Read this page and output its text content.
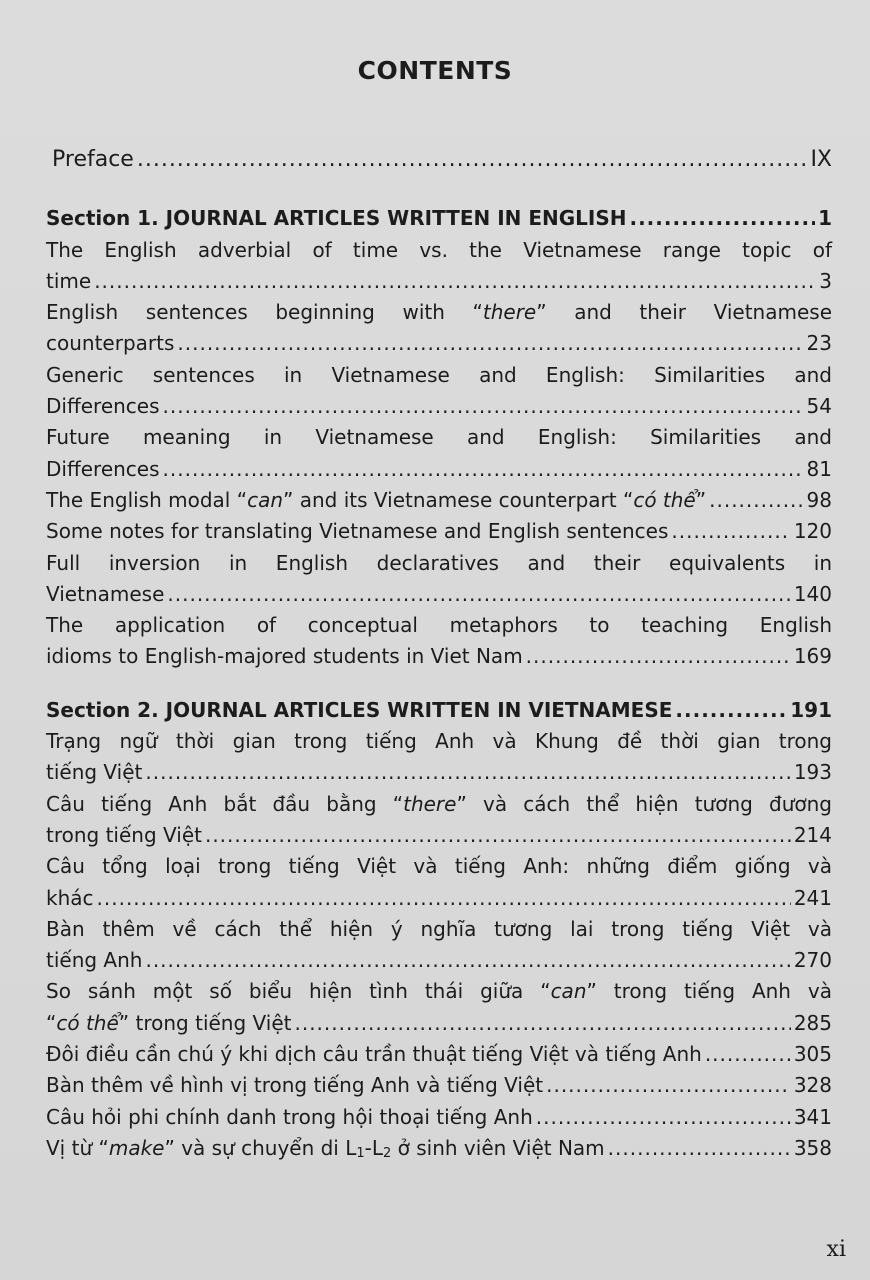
CONTENTS
Preface .....	IX
Section 1. JOURNAL ARTICLES WRITTEN IN ENGLISH .....	1
The English adverbial of time vs. the Vietnamese range topic of
time .....	3
English sentences beginning with “there” and their Vietnamese
counterparts .....	23
Generic sentences in Vietnamese and English: Similarities and
Differences .....	54
Future meaning in Vietnamese and English: Similarities and
Differences .....	81
The English modal “can” and its Vietnamese counterpart “có thể” .....	98
Some notes for translating Vietnamese and English sentences .....	120
Full inversion in English declaratives and their equivalents in
Vietnamese .....	140
The application of conceptual metaphors to teaching English
idioms to English-majored students in Viet Nam .....	169
Section 2. JOURNAL ARTICLES WRITTEN IN VIETNAMESE .....	191
Trạng ngữ thời gian trong tiếng Anh và Khung đề thời gian trong
tiếng Việt .....	193
Câu tiếng Anh bắt đầu bằng “there” và cách thể hiện tương đương
trong tiếng Việt .....	214
Câu tổng loại trong tiếng Việt và tiếng Anh: những điểm giống và
khác .....	241
Bàn thêm về cách thể hiện ý nghĩa tương lai trong tiếng Việt và
tiếng Anh .....	270
So sánh một số biểu hiện tình thái giữa “can” trong tiếng Anh và
“có thể” trong tiếng Việt .....	285
Đôi điều cần chú ý khi dịch câu trần thuật tiếng Việt và tiếng Anh .....	305
Bàn thêm về hình vị trong tiếng Anh và tiếng Việt .....	328
Câu hỏi phi chính danh trong hội thoại tiếng Anh .....	341
Vị từ “make” và sự chuyển di $L_1-L_2$ ở sinh viên Việt Nam .....	358
xi
